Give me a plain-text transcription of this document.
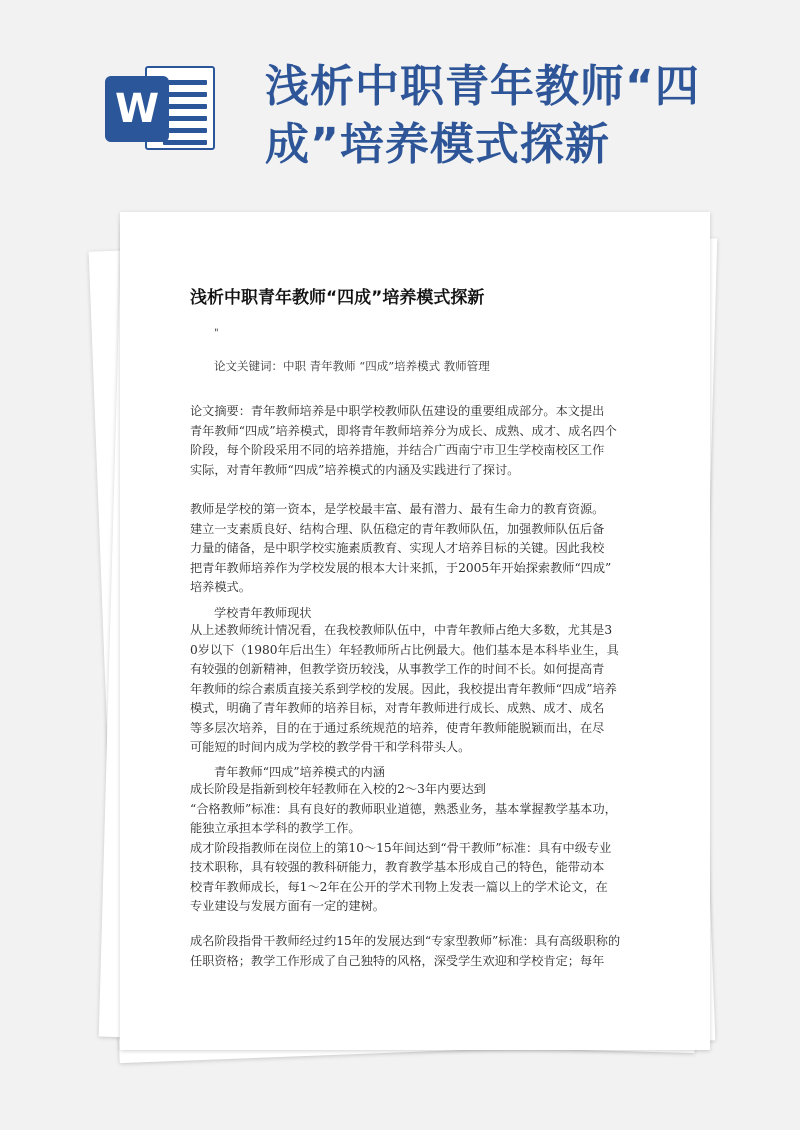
W 浅析中职青年教师“四成”培养模式探新
浅析中职青年教师“四成”培养模式探新
"
论文关键词：中职 青年教师 “四成”培养模式 教师管理
论文摘要：青年教师培养是中职学校教师队伍建设的重要组成部分。本文提出
青年教师“四成”培养模式，即将青年教师培养分为成长、成熟、成才、成名四个
阶段，每个阶段采用不同的培养措施，并结合广西南宁市卫生学校南校区工作
实际，对青年教师“四成”培养模式的内涵及实践进行了探讨。
教师是学校的第一资本，是学校最丰富、最有潜力、最有生命力的教育资源。
建立一支素质良好、结构合理、队伍稳定的青年教师队伍，加强教师队伍后备
力量的储备，是中职学校实施素质教育、实现人才培养目标的关键。因此我校
把青年教师培养作为学校发展的根本大计来抓，于2005年开始探索教师“四成”
培养模式。
学校青年教师现状
从上述教师统计情况看，在我校教师队伍中，中青年教师占绝大多数，尤其是3
0岁以下（1980年后出生）年轻教师所占比例最大。他们基本是本科毕业生，具
有较强的创新精神，但教学资历较浅，从事教学工作的时间不长。如何提高青
年教师的综合素质直接关系到学校的发展。因此，我校提出青年教师“四成”培养
模式，明确了青年教师的培养目标，对青年教师进行成长、成熟、成才、成名
等多层次培养，目的在于通过系统规范的培养，使青年教师能脱颖而出，在尽
可能短的时间内成为学校的教学骨干和学科带头人。
青年教师“四成”培养模式的内涵
成长阶段是指新到校年轻教师在入校的2～3年内要达到
“合格教师”标准：具有良好的教师职业道德，熟悉业务，基本掌握教学基本功，
能独立承担本学科的教学工作。
成才阶段指教师在岗位上的第10～15年间达到“骨干教师”标准：具有中级专业
技术职称，具有较强的教科研能力，教育教学基本形成自己的特色，能带动本
校青年教师成长，每1～2年在公开的学术刊物上发表一篇以上的学术论文，在
专业建设与发展方面有一定的建树。
成名阶段指骨干教师经过约15年的发展达到“专家型教师”标准：具有高级职称的
任职资格；教学工作形成了自己独特的风格，深受学生欢迎和学校肯定；每年
